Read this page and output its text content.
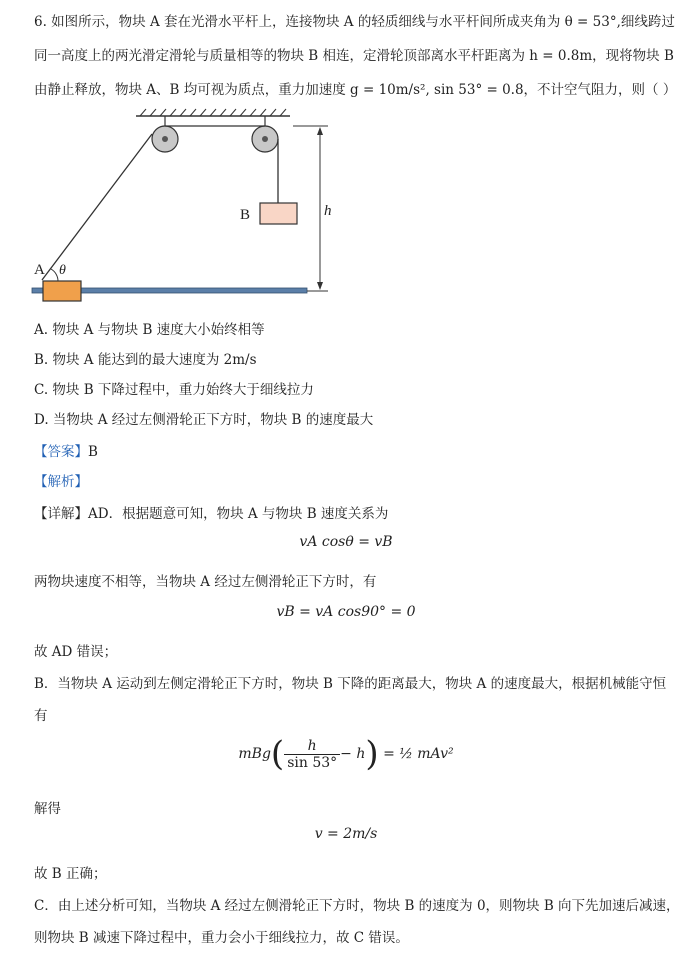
6. 如图所示，物块 A 套在光滑水平杆上，连接物块 A 的轻质细线与水平杆间所成夹角为 θ = 53°,细线跨过
同一高度上的两光滑定滑轮与质量相等的物块 B 相连，定滑轮顶部离水平杆距离为 h = 0.8m，现将物块 B
由静止释放，物块 A、B 均可视为质点，重力加速度 g = 10m/s², sin 53° = 0.8，不计空气阻力，则（ ）
A θ
B	h
A. 物块 A 与物块 B 速度大小始终相等
B. 物块 A 能达到的最大速度为 2m/s
C. 物块 B 下降过程中，重力始终大于细线拉力
D. 当物块 A 经过左侧滑轮正下方时，物块 B 的速度最大
【答案】B
【解析】
【详解】AD．根据题意可知，物块 A 与物块 B 速度关系为
vA cosθ = vB
两物块速度不相等，当物块 A 经过左侧滑轮正下方时，有
vB = vA cos90° = 0
故 AD 错误；
B．当物块 A 运动到左侧定滑轮正下方时，物块 B 下降的距离最大，物块 A 的速度最大，根据机械能守恒
有
$mBg( \frac{h}{\sin 53^\circ} - h)$ = ½ mAv²
解得
v = 2m/s
故 B 正确；
C．由上述分析可知，当物块 A 经过左侧滑轮正下方时，物块 B 的速度为 0，则物块 B 向下先加速后减速，
则物块 B 减速下降过程中，重力会小于细线拉力，故 C 错误。
